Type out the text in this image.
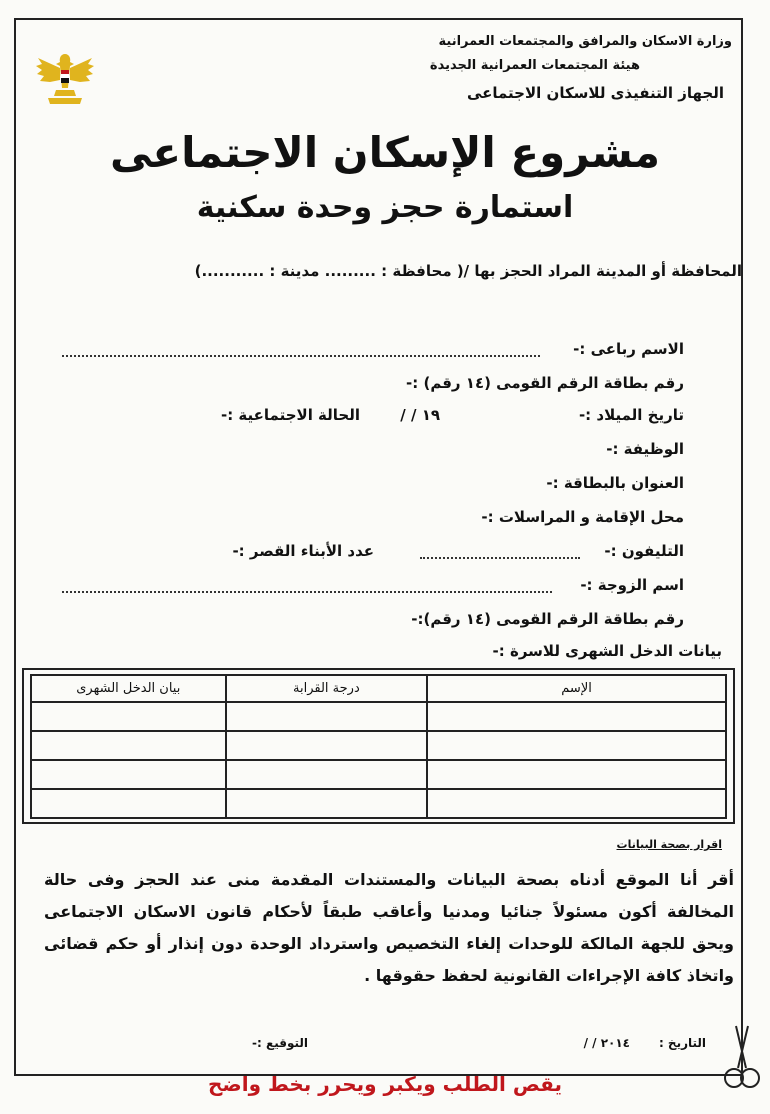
وزارة الاسكان والمرافق والمجتمعات العمرانية
هيئة المجتمعات العمرانية الجديدة
الجهاز التنفيذى للاسكان الاجتماعى
مشروع الإسكان الاجتماعى
استمارة حجز وحدة سكنية
المحافظة أو المدينة المراد الحجز بها /( محافظة : ......... مدينة : ...........)
الاسم رباعى :-
رقم بطاقة الرقم القومى (١٤ رقم) :-
تاريخ الميلاد :-
/ / ١٩
الحالة الاجتماعية :-
الوظيفة :-
العنوان بالبطاقة :-
محل الإقامة و المراسلات :-
التليفون :-
عدد الأبناء القصر :-
اسم الزوجة :-
رقم بطاقة الرقم القومى (١٤ رقم):-
بيانات الدخل الشهرى للاسرة :-
الإسم	درجة القرابة	بيان الدخل الشهرى

اقرار بصحة البيانات
أقر أنا الموقع أدناه بصحة البيانات والمستندات المقدمة منى عند الحجز وفى حالة المخالفة أكون مسئولاً جنائيا ومدنيا وأعاقب طبقاً لأحكام قانون الاسكان الاجتماعى ويحق للجهة المالكة للوحدات إلغاء التخصيص واسترداد الوحدة دون إنذار أو حكم قضائى واتخاذ كافة الإجراءات القانونية لحفظ حقوقها .
التاريخ :
/ / ٢٠١٤
التوقيع :-
يقص الطلب ويكبر ويحرر بخط واضح
